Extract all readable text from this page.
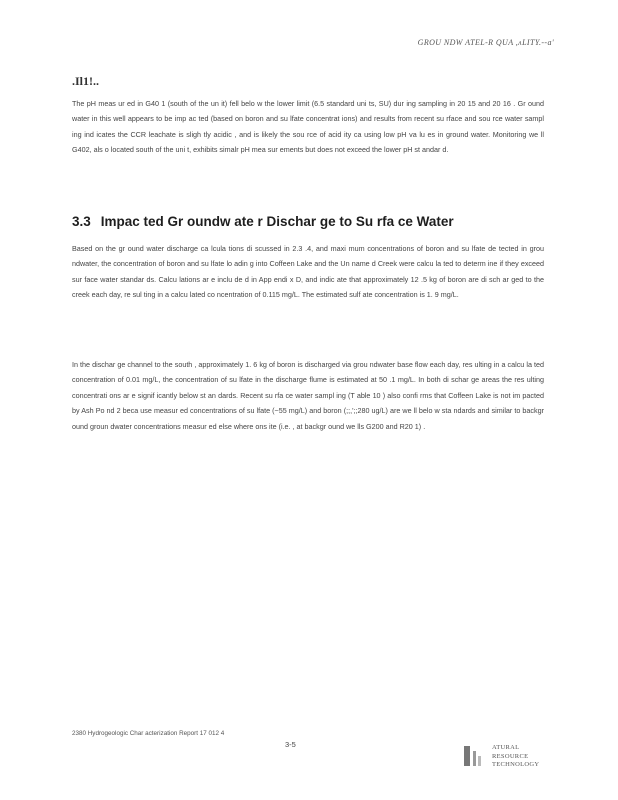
GROU NDW ATEL-R QUA ,ʌLITY.--a'
.Il1!..
The pH meas ur ed in G40 1 (south of the un it) fell belo w the lower limit (6.5 standard uni ts, SU) dur ing sampling in 20 15 and 20 16 . Gr ound water in this well appears to be imp ac ted (based on boron and su lfate concentrat ions) and results from recent su rface and sou rce water sampl ing ind icates the CCR leachate is sligh tly acidic , and is likely the sou rce of acid ity ca using low pH va lu es in ground water. Monitoring we ll G402, als o located south of the uni t, exhibits simalr pH mea sur ements but does not exceed the lower pH st andar d.
3.3 Impac ted Gr oundw ate r Dischar ge to Su rfa ce Water
Based on the gr ound water discharge ca lcula tions di scussed in 2.3 .4, and maxi mum concentrations of boron and su lfate de tected in grou ndwater, the concentration of boron and su lfate lo adin g into Coffeen Lake and the Un name d Creek were calcu la ted to determ ine if they exceed sur face water standar ds. Calcu lations ar e inclu de d in App endi x D, and indic ate that approximately 12 .5 kg of boron are di sch ar ged to the creek each day, re sul ting in a calcu lated co ncentration of 0.115 mg/L. The estimated sulf ate concentration is 1. 9 mg/L.
In the dischar ge channel to the south , approximately 1. 6 kg of boron is discharged via grou ndwater base flow each day, res ulting in a calcu la ted concentration of 0.01 mg/L, the concentration of su lfate in the discharge flume is estimated at 50 .1 mg/L. In both di schar ge areas the res ulting concentrati ons ar e signif icantly below st an dards. Recent su rfa ce water sampl ing (T able 10 ) also confi rms that Coffeen Lake is not im pacted by Ash Po nd 2 beca use measur ed concentrations of su lfate (~55 mg/L) and boron (;;,';;280 ug/L) are we ll belo w sta ndards and similar to backgr ound groun dwater concentrations measur ed else where ons ite (i.e. , at backgr ound we lls G200 and R20 1) .
2380 Hydrogeologic Char acterization Report 17 012 4
3-5	ATURAL
RESOURCE
TECHNOLOGY
